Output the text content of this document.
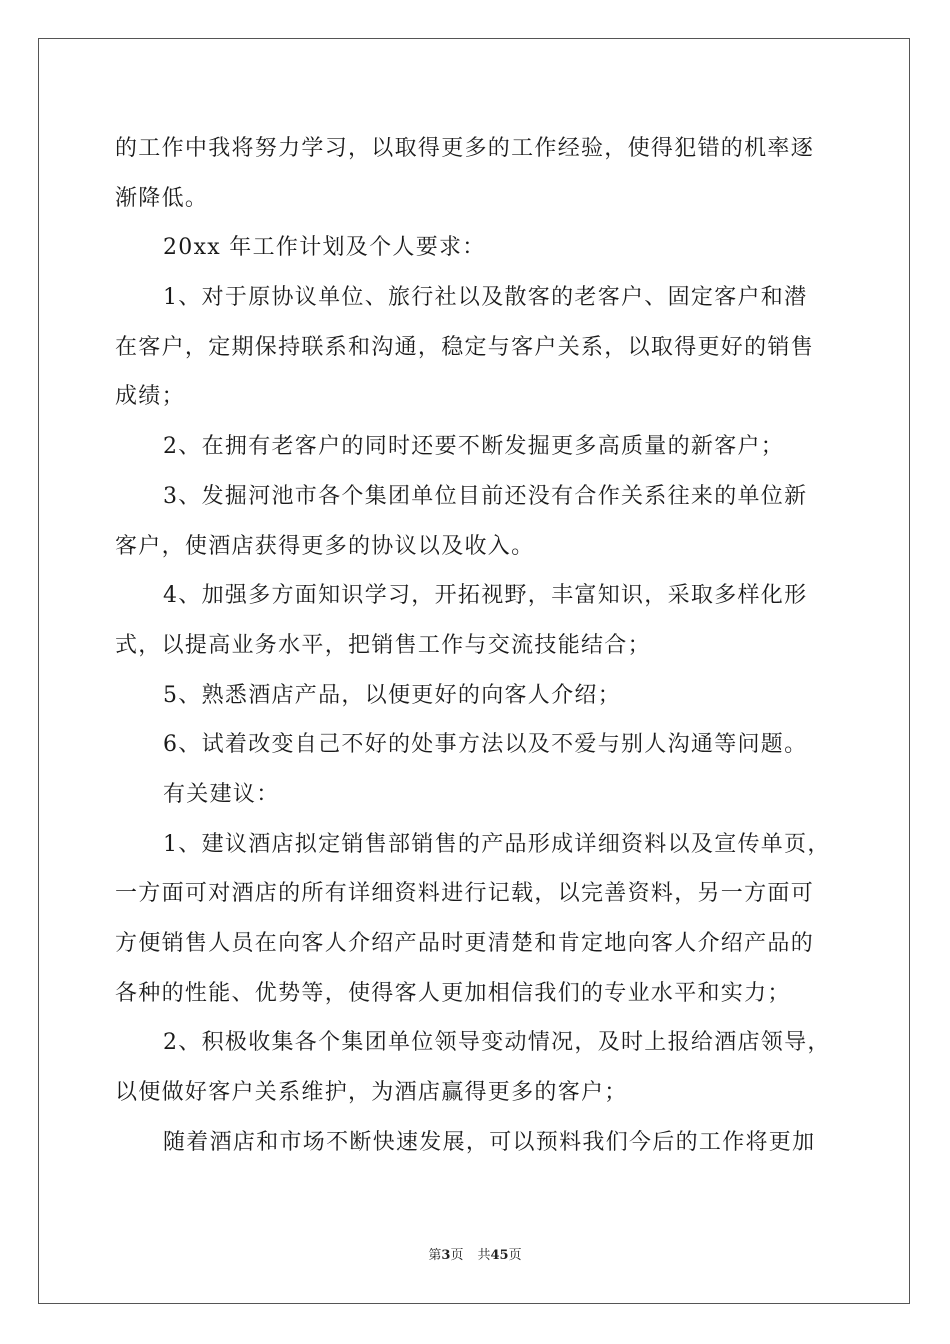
的工作中我将努力学习，以取得更多的工作经验，使得犯错的机率逐
渐降低。
20xx 年工作计划及个人要求：
1、对于原协议单位、旅行社以及散客的老客户、固定客户和潜
在客户，定期保持联系和沟通，稳定与客户关系，以取得更好的销售
成绩；
2、在拥有老客户的同时还要不断发掘更多高质量的新客户；
3、发掘河池市各个集团单位目前还没有合作关系往来的单位新
客户，使酒店获得更多的协议以及收入。
4、加强多方面知识学习，开拓视野，丰富知识，采取多样化形
式，以提高业务水平，把销售工作与交流技能结合；
5、熟悉酒店产品，以便更好的向客人介绍；
6、试着改变自己不好的处事方法以及不爱与别人沟通等问题。
有关建议：
1、建议酒店拟定销售部销售的产品形成详细资料以及宣传单页，
一方面可对酒店的所有详细资料进行记载，以完善资料，另一方面可
方便销售人员在向客人介绍产品时更清楚和肯定地向客人介绍产品的
各种的性能、优势等，使得客人更加相信我们的专业水平和实力；
2、积极收集各个集团单位领导变动情况，及时上报给酒店领导，
以便做好客户关系维护，为酒店赢得更多的客户；
随着酒店和市场不断快速发展，可以预料我们今后的工作将更加
第3页 共45页
